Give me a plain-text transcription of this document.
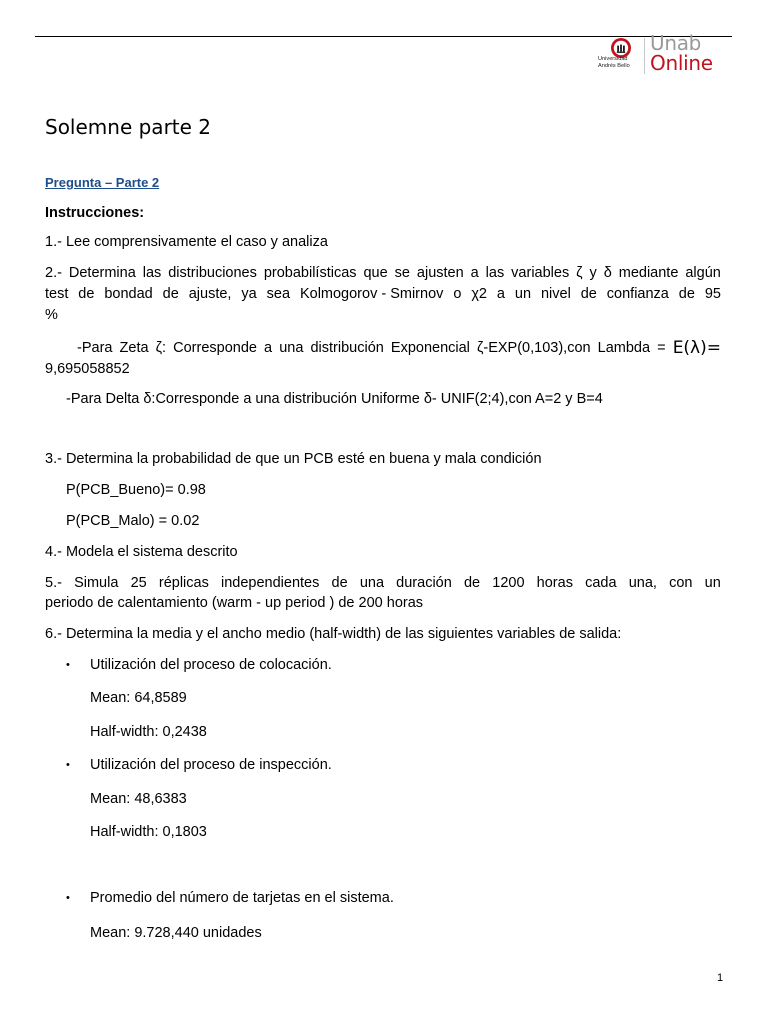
Universidad
Andrés Bello
Unab
Online
Solemne parte 2
Pregunta – Parte 2
Instrucciones:
1.- Lee comprensivamente el caso y analiza
2.- Determina las distribuciones probabilísticas que se ajusten a las variables ζ y δ mediante algún
test de bondad de ajuste, ya sea Kolmogorov - Smirnov o χ2 a un nivel de confianza de 95
%
-Para Zeta ζ: Corresponde a una distribución Exponencial ζ-EXP(0,103),con Lambda = E(λ)=
9,695058852
-Para Delta δ:Corresponde a una distribución Uniforme δ- UNIF(2;4),con A=2 y B=4
3.- Determina la probabilidad de que un PCB esté en buena y mala condición
P(PCB_Bueno)= 0.98
P(PCB_Malo) = 0.02
4.- Modela el sistema descrito
5.- Simula 25 réplicas independientes de una duración de 1200 horas cada una, con un
periodo de calentamiento (warm - up period ) de 200 horas
6.- Determina la media y el ancho medio (half-width) de las siguientes variables de salida:
• Utilización del proceso de colocación.
Mean: 64,8589
Half-width: 0,2438
• Utilización del proceso de inspección.
Mean: 48,6383
Half-width: 0,1803
• Promedio del número de tarjetas en el sistema.
Mean: 9.728,440 unidades
1
